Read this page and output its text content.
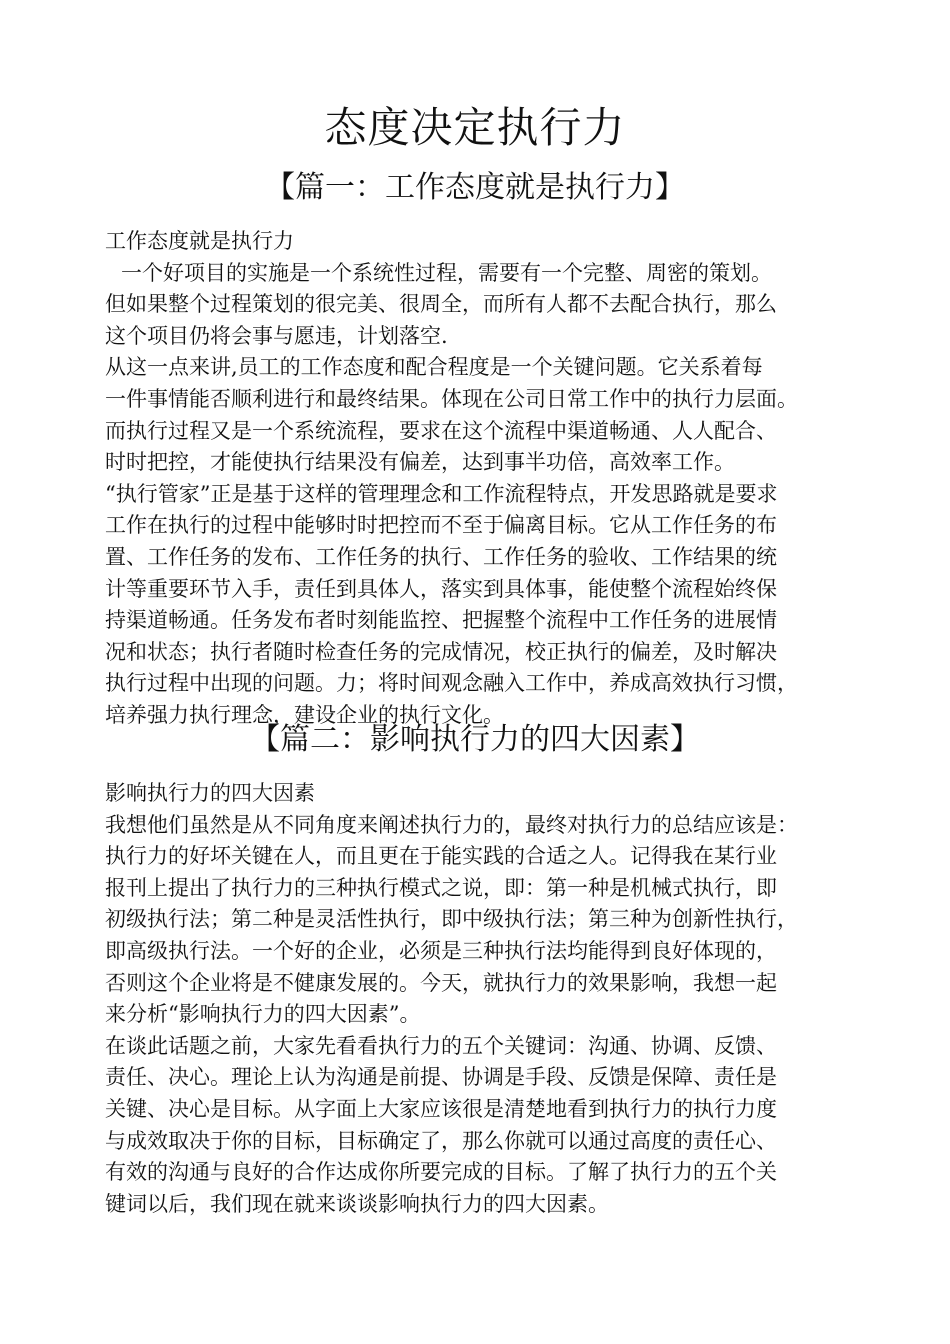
态度决定执行力
【篇一：工作态度就是执行力】
工作态度就是执行力
一个好项目的实施是一个系统性过程，需要有一个完整、周密的策划。
但如果整个过程策划的很完美、很周全，而所有人都不去配合执行，那么
这个项目仍将会事与愿违，计划落空.
从这一点来讲,员工的工作态度和配合程度是一个关键问题。它关系着每
一件事情能否顺利进行和最终结果。体现在公司日常工作中的执行力层面。
而执行过程又是一个系统流程，要求在这个流程中渠道畅通、人人配合、
时时把控，才能使执行结果没有偏差，达到事半功倍，高效率工作。
“执行管家”正是基于这样的管理理念和工作流程特点，开发思路就是要求
工作在执行的过程中能够时时把控而不至于偏离目标。它从工作任务的布
置、工作任务的发布、工作任务的执行、工作任务的验收、工作结果的统
计等重要环节入手，责任到具体人，落实到具体事，能使整个流程始终保
持渠道畅通。任务发布者时刻能监控、把握整个流程中工作任务的进展情
况和状态；执行者随时检查任务的完成情况，校正执行的偏差，及时解决
执行过程中出现的问题。力；将时间观念融入工作中，养成高效执行习惯，
培养强力执行理念，建设企业的执行文化。
【篇二：影响执行力的四大因素】
影响执行力的四大因素
我想他们虽然是从不同角度来阐述执行力的，最终对执行力的总结应该是：
执行力的好坏关键在人，而且更在于能实践的合适之人。记得我在某行业
报刊上提出了执行力的三种执行模式之说，即：第一种是机械式执行，即
初级执行法；第二种是灵活性执行，即中级执行法；第三种为创新性执行，
即高级执行法。一个好的企业，必须是三种执行法均能得到良好体现的，
否则这个企业将是不健康发展的。今天，就执行力的效果影响，我想一起
来分析“影响执行力的四大因素”。
在谈此话题之前，大家先看看执行力的五个关键词：沟通、协调、反馈、
责任、决心。理论上认为沟通是前提、协调是手段、反馈是保障、责任是
关键、决心是目标。从字面上大家应该很是清楚地看到执行力的执行力度
与成效取决于你的目标，目标确定了，那么你就可以通过高度的责任心、
有效的沟通与良好的合作达成你所要完成的目标。了解了执行力的五个关
键词以后，我们现在就来谈谈影响执行力的四大因素。
